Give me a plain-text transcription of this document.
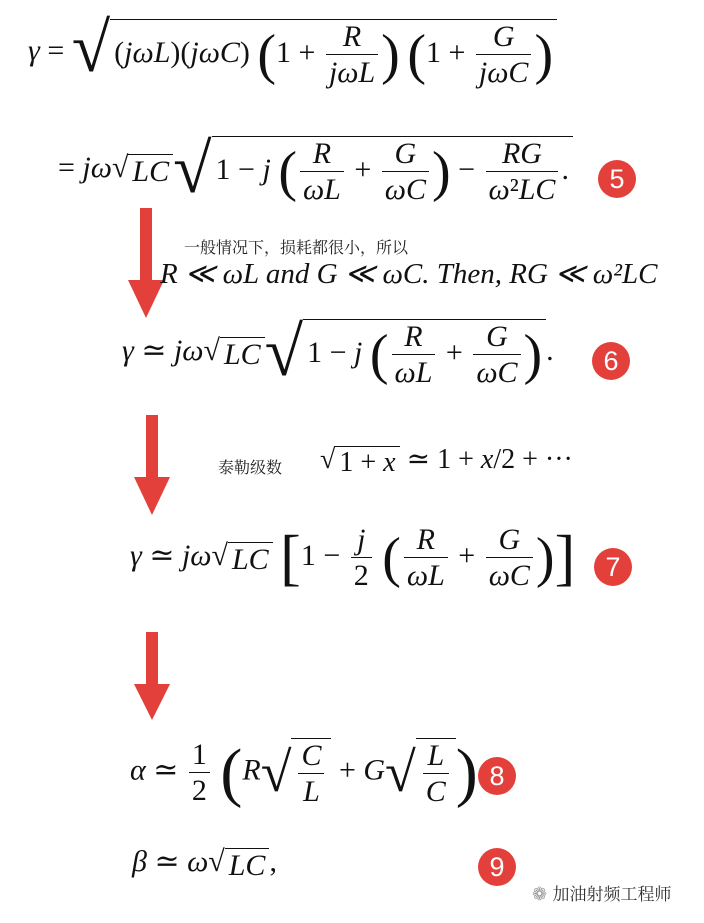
γ = √ (jωL)(jωC) ($1 + \frac{R}{\text{jωL}}$ ) ($1 + \frac{G}{\text{jωC}}$ )
= jω√ LC√ 1 − j ( $\frac{R}{\omega L} + \frac{G}{\omega C}$ ) − $\frac{RG}{\text{ω²LC}}$ .	5
一般情况下，损耗都很小，所以
R ≪ ωL and G ≪ ωC. Then, RG ≪ ω²LC
γ ≃ jω√ LC√ 1 − j ( $\frac{R}{\omega L} + \frac{G}{\omega C}$ ) .	6
泰勒级数 √ 1 + x ≃ 1 + x/2 + ···
γ ≃ jω√ LC [$1 - \frac{j}{2}$ ( $\frac{R}{\omega L} + \frac{G}{\omega C}$ )]	7
α ≃ $\frac{1}{2} (R√ \frac{C}{L} + G√ \frac{L}{C}$ ) 8
β ≃ ω√ LC ,	9
❁ 加油射频工程师
